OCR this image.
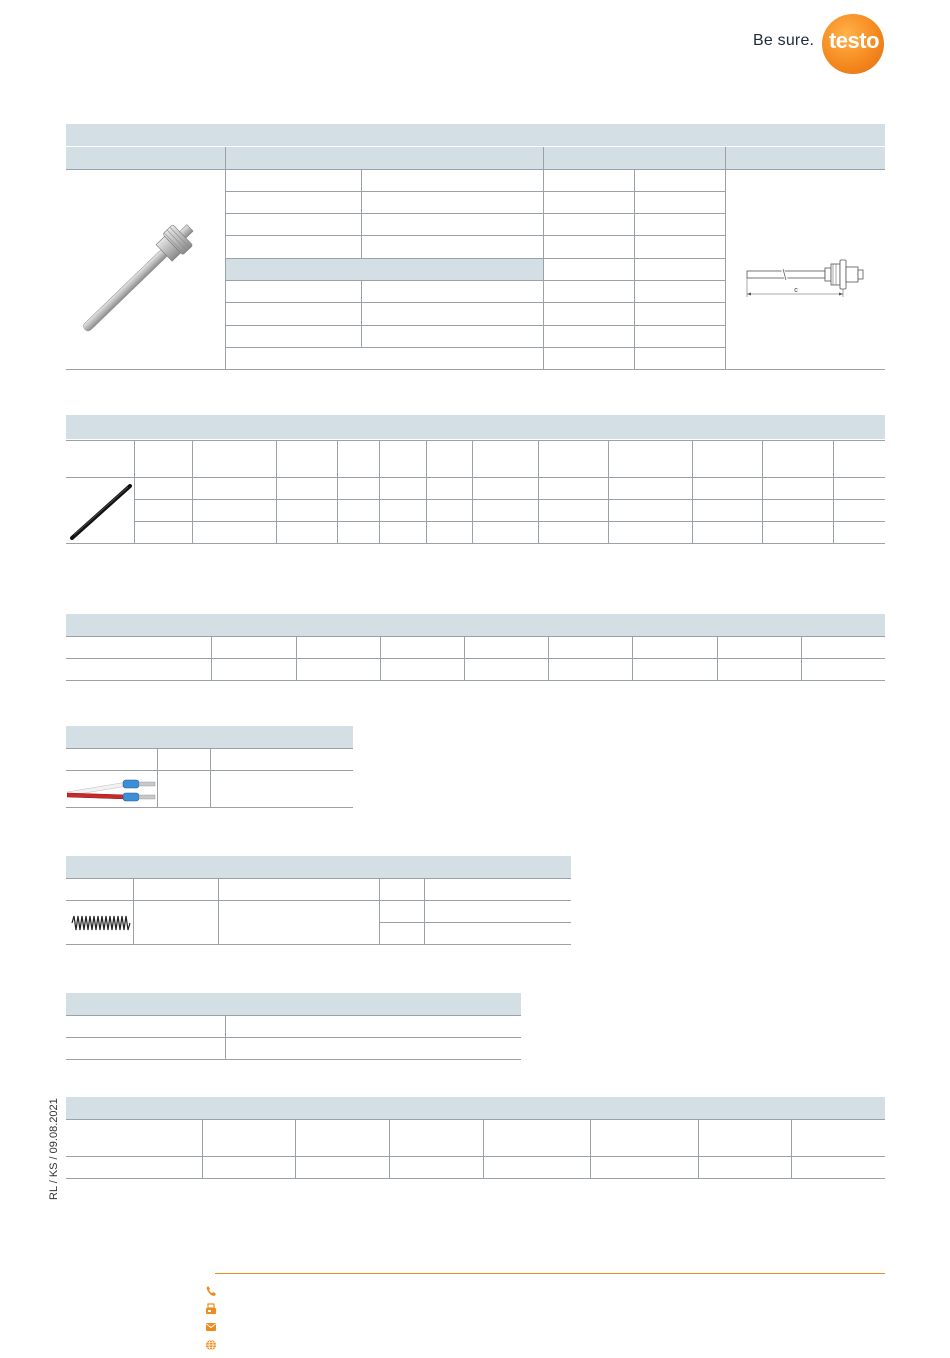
Be sure. testo
c
RL / KS / 09.08.2021
